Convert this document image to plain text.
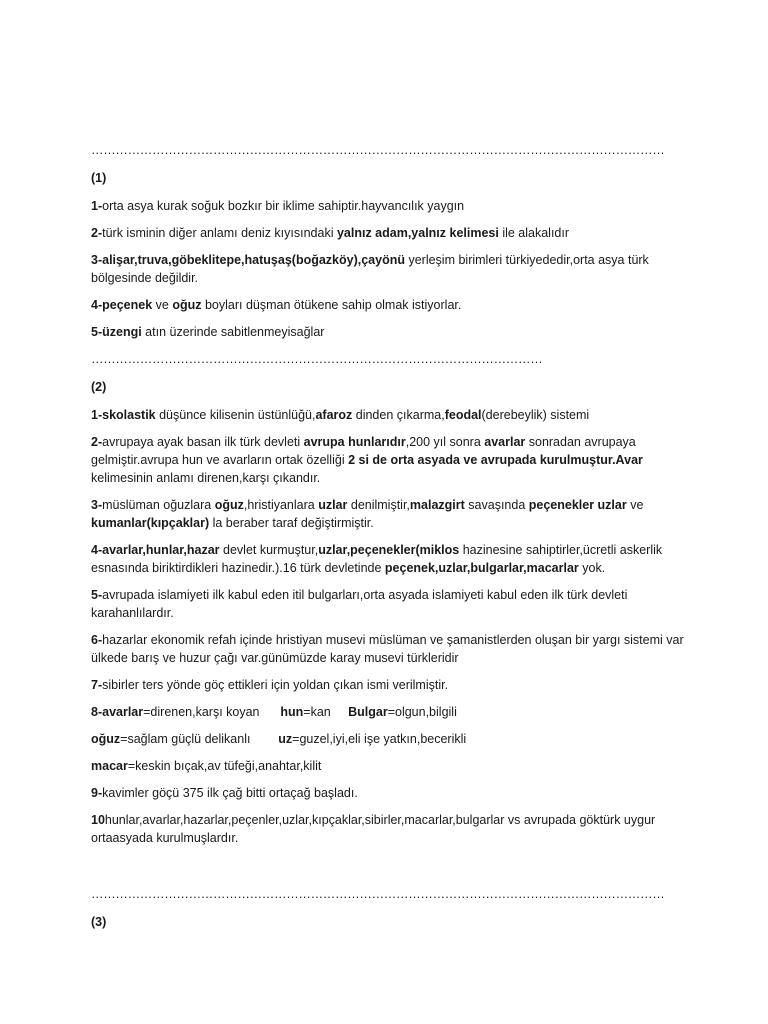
……………………………………………………………………………………………………………………………
(1)
1-orta asya kurak soğuk bozkır bir iklime sahiptir.hayvancılık yaygın
2-türk isminin diğer anlamı deniz kıyısındaki yalnız adam,yalnız kelimesi ile alakalıdır
3-alişar,truva,göbeklitepe,hatuşaş(boğazköy),çayönü yerleşim birimleri türkiyededir,orta asya türk bölgesinde değildir.
4-peçenek ve oğuz boyları düşman ötükene sahip olmak istiyorlar.
5-üzengi atın üzerinde sabitlenmeyisağlar
…………………………………………………………………………………………………
(2)
1-skolastik düşünce kilisenin üstünlüğü,afaroz dinden çıkarma,feodal(derebeylik) sistemi
2-avrupaya ayak basan ilk türk devleti avrupa hunlarıdır,200 yıl sonra avarlar sonradan avrupaya gelmiştir.avrupa hun ve avarların ortak özelliği 2 si de orta asyada ve avrupada kurulmuştur.Avar kelimesinin anlamı direnen,karşı çıkandır.
3-müslüman oğuzlara oğuz,hristiyanlara uzlar denilmiştir,malazgirt savaşında peçenekler uzlar ve kumanlar(kıpçaklar) la beraber taraf değiştirmiştir.
4-avarlar,hunlar,hazar devlet kurmuştur,uzlar,peçenekler(miklos hazinesine sahiptirler,ücretli askerlik esnasında biriktirdikleri hazinedir.).16 türk devletinde peçenek,uzlar,bulgarlar,macarlar yok.
5-avrupada islamiyeti ilk kabul eden itil bulgarları,orta asyada islamiyeti kabul eden ilk türk devleti karahanlılardır.
6-hazarlar ekonomik refah içinde hristiyan musevi müslüman ve şamanistlerden oluşan bir yargı sistemi var ülkede barış ve huzur çağı var.günümüzde karay musevi türkleridir
7-sibirler ters yönde göç ettikleri için yoldan çıkan ismi verilmiştir.
8-avarlar=direnen,karşı koyan      hun=kan     Bulgar=olgun,bilgili
oğuz=sağlam güçlü delikanlı        uz=guzel,iyi,eli işe yatkın,becerikli
macar=keskin bıçak,av tüfeği,anahtar,kilit
9-kavimler göçü 375 ilk çağ bitti ortaçağ başladı.
10hunlar,avarlar,hazarlar,peçenler,uzlar,kıpçaklar,sibirler,macarlar,bulgarlar vs avrupada göktürk uygur ortaasyada kurulmuşlardır.
……………………………………………………………………………………………………………………………
(3)
